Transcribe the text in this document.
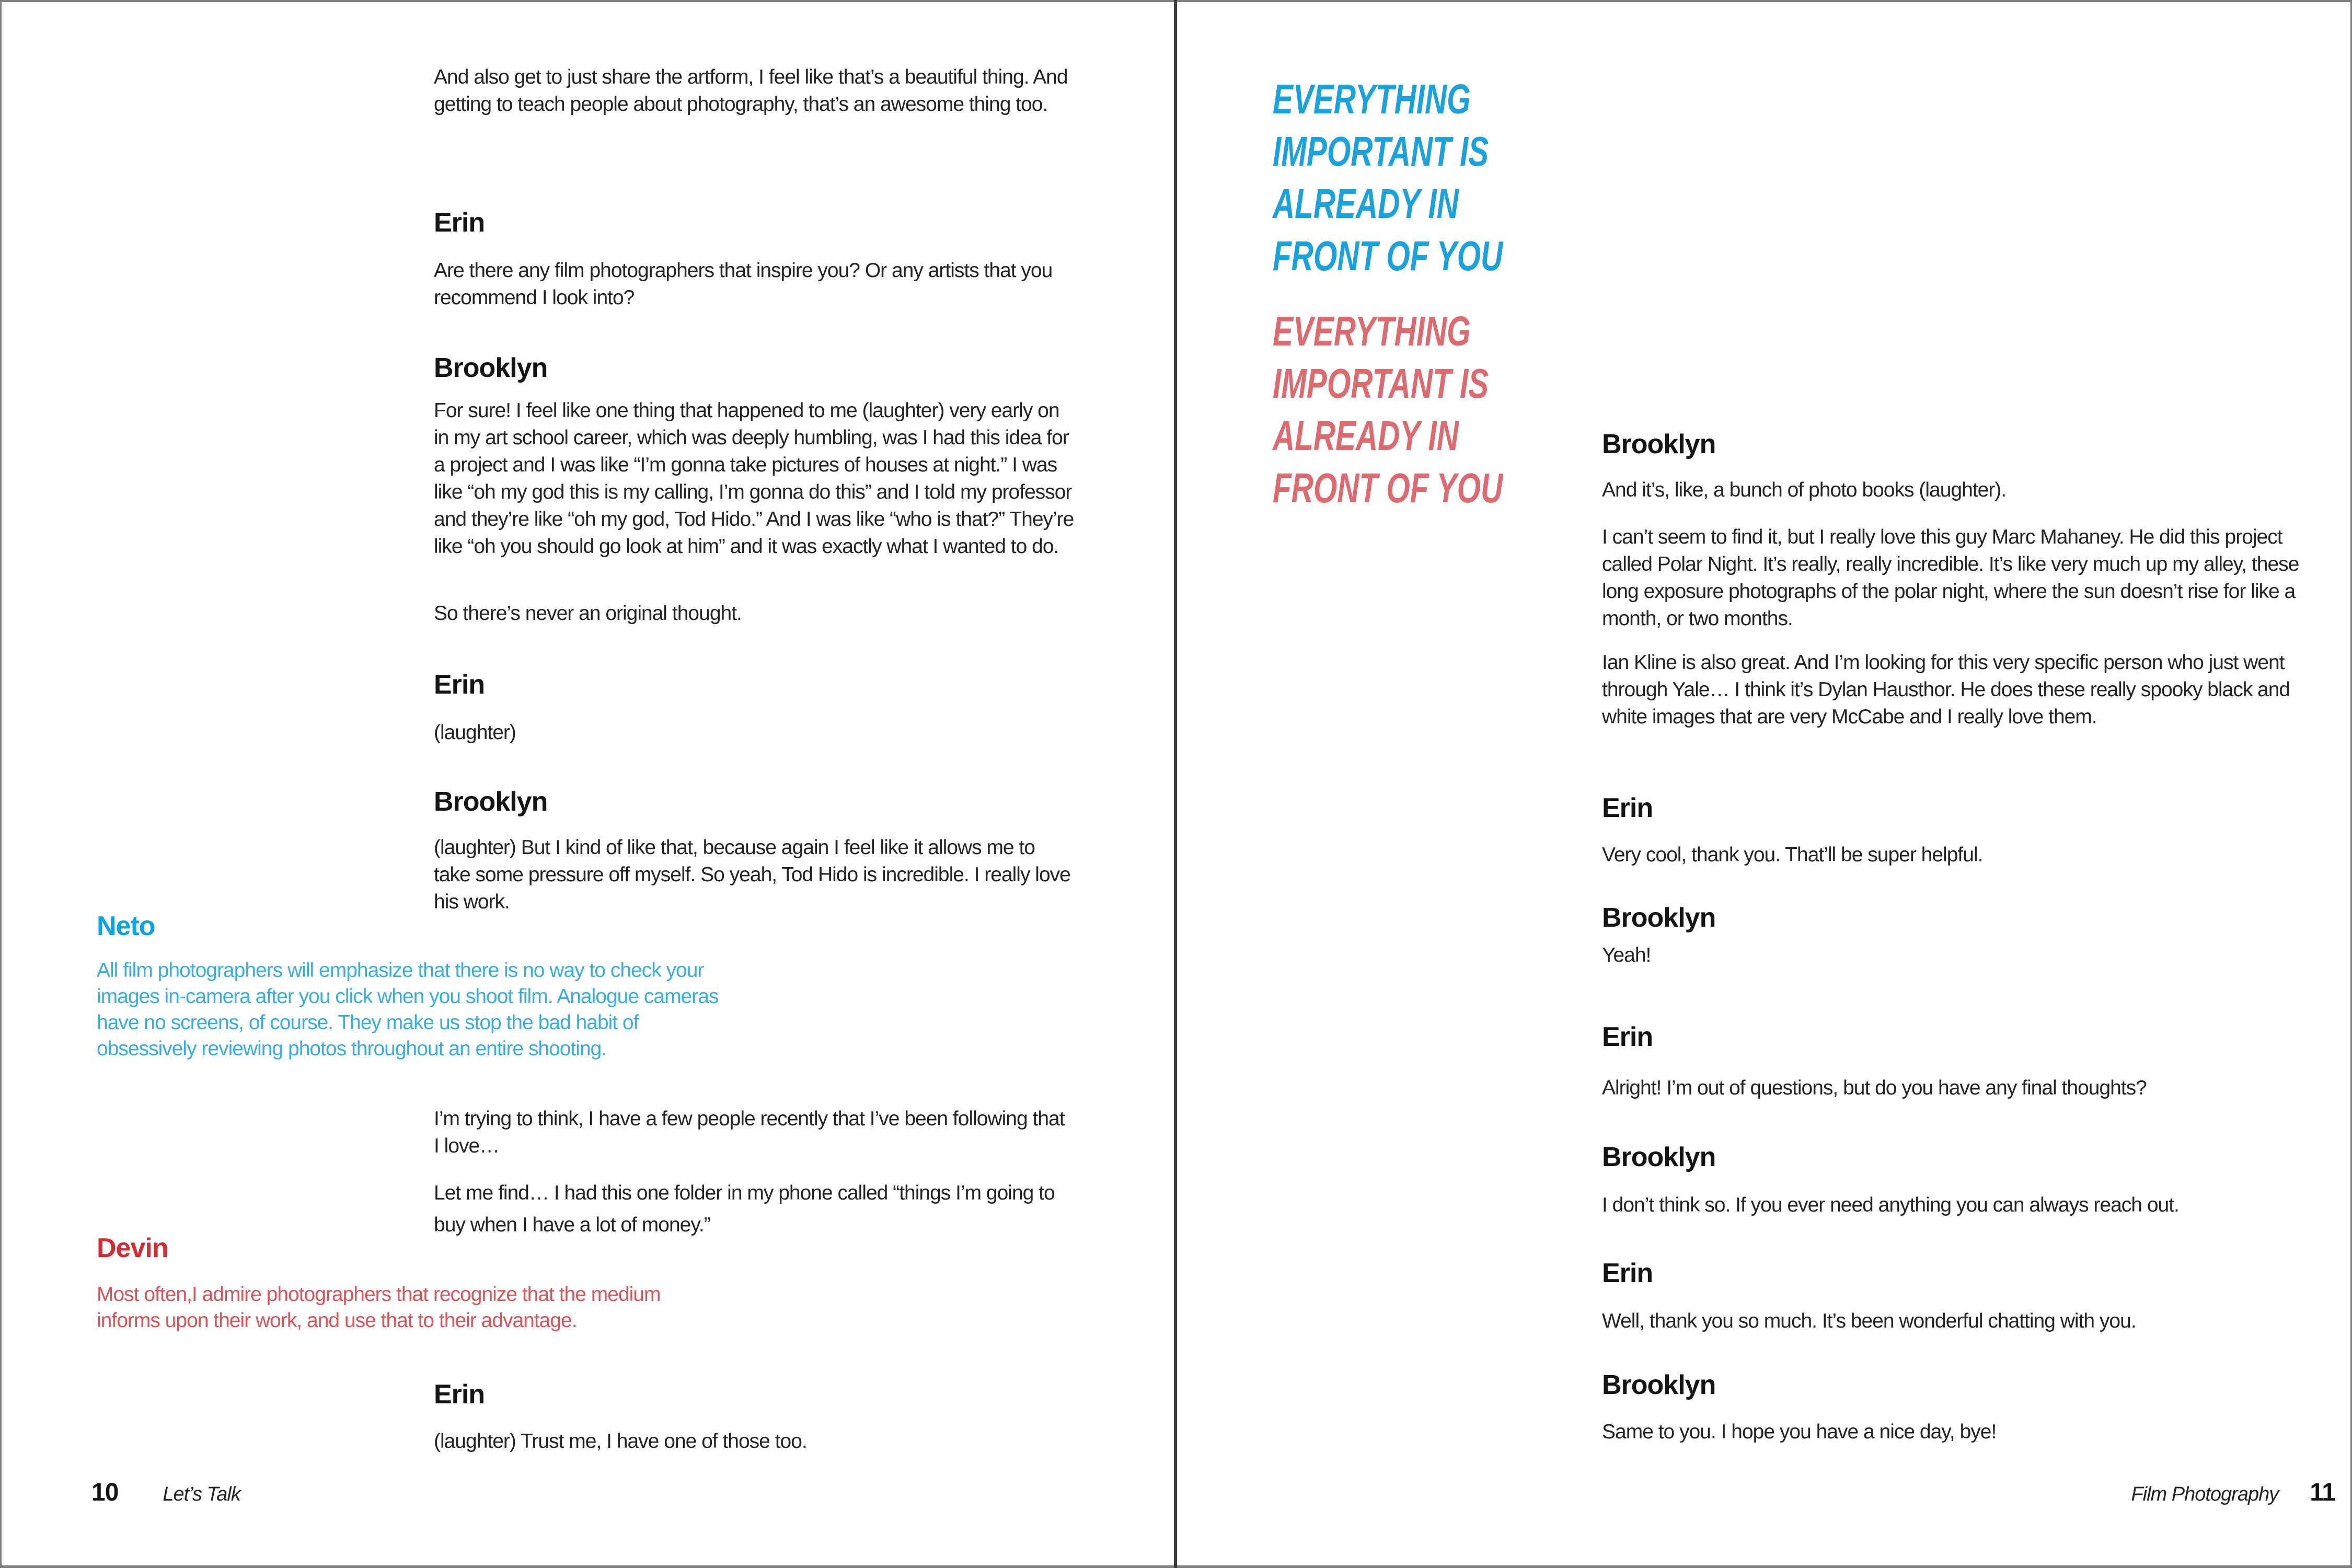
And also get to just share the artform, I feel like that’s a beautiful thing. And getting to teach people about photography, that’s an awesome thing too.
Erin
Are there any film photographers that inspire you? Or any artists that you recommend I look into?
Brooklyn
For sure! I feel like one thing that happened to me (laughter) very early on in my art school career, which was deeply humbling, was I had this idea for a project and I was like “I’m gonna take pictures of houses at night.” I was like “oh my god this is my calling, I’m gonna do this” and I told my professor and they’re like “oh my god, Tod Hido.” And I was like “who is that?” They’re like “oh you should go look at him” and it was exactly what I wanted to do.
So there’s never an original thought.
Erin
(laughter)
Brooklyn
(laughter) But I kind of like that, because again I feel like it allows me to take some pressure off myself. So yeah, Tod Hido is incredible. I really love his work.
Neto
All film photographers will emphasize that there is no way to check your images in-camera after you click when you shoot film. Analogue cameras have no screens, of course. They make us stop the bad habit of obsessively reviewing photos throughout an entire shooting.
I’m trying to think, I have a few people recently that I’ve been following that I love…
Let me find… I had this one folder in my phone called “things I’m going to buy when I have a lot of money.”
Devin
Most often,I admire photographers that recognize that the medium informs upon their work, and use that to their advantage.
Erin
(laughter) Trust me, I have one of those too.
10 Let’s Talk
EVERYTHING
IMPORTANT IS
ALREADY IN
FRONT OF YOU
EVERYTHING
IMPORTANT IS
ALREADY IN
FRONT OF YOU
Brooklyn
And it’s, like, a bunch of photo books (laughter).
I can’t seem to find it, but I really love this guy Marc Mahaney. He did this project called Polar Night. It’s really, really incredible. It’s like very much up my alley, these long exposure photographs of the polar night, where the sun doesn’t rise for like a month, or two months.
Ian Kline is also great. And I’m looking for this very specific person who just went through Yale… I think it’s Dylan Hausthor. He does these really spooky black and white images that are very McCabe and I really love them.
Erin
Very cool, thank you. That’ll be super helpful.
Brooklyn
Yeah!
Erin
Alright! I’m out of questions, but do you have any final thoughts?
Brooklyn
I don’t think so. If you ever need anything you can always reach out.
Erin
Well, thank you so much. It’s been wonderful chatting with you.
Brooklyn
Same to you. I hope you have a nice day, bye!
Film Photography 11
